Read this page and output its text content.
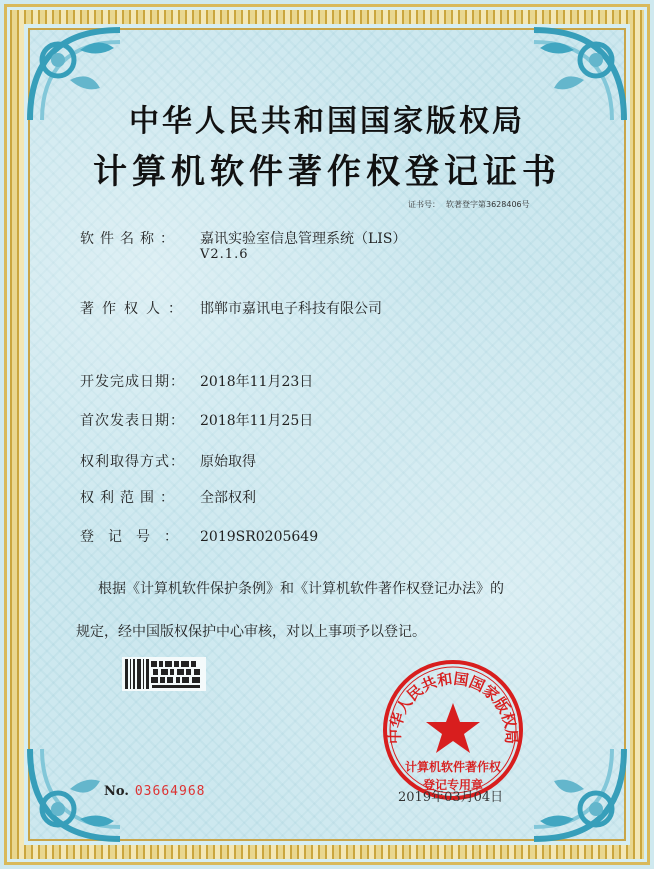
中华人民共和国国家版权局
计算机软件著作权登记证书
证书号： 软著登字第3628406号
软件名称： 嘉讯实验室信息管理系统（LIS）
V2.1.6
著作权人： 邯郸市嘉讯电子科技有限公司
开发完成日期： 2018年11月23日
首次发表日期： 2018年11月25日
权利取得方式： 原始取得
权利范围： 全部权利
登记号： 2019SR0205649
根据《计算机软件保护条例》和《计算机软件著作权登记办法》的
规定，经中国版权保护中心审核，对以上事项予以登记。
中华人民共和国国家版权局
计算机软件著作权
登记专用章
No. 03664968	2019年03月04日
